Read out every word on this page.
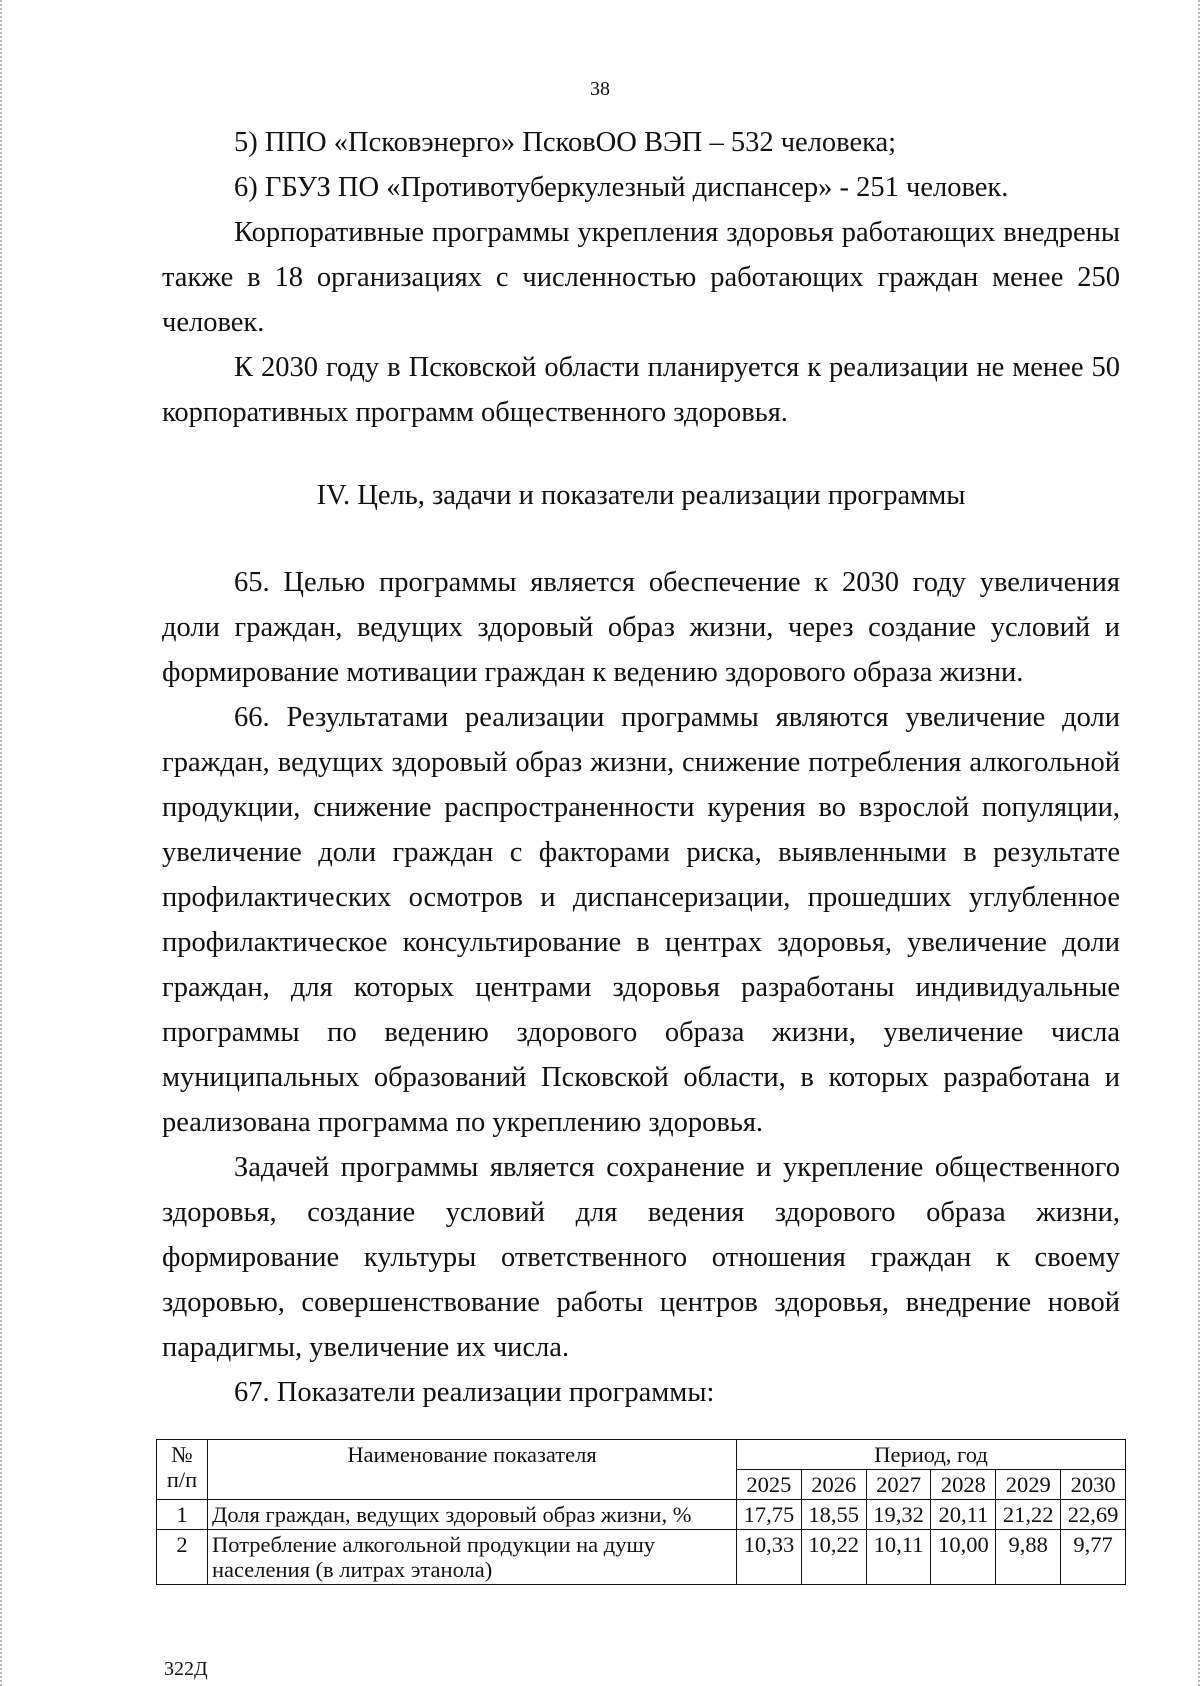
38

5) ППО «Псковэнерго» ПсковОО ВЭП – 532 человека;

6) ГБУЗ ПО «Противотуберкулезный диспансер» - 251 человек.

Корпоративные программы укрепления здоровья работающих внедрены также в 18 организациях с численностью работающих граждан менее 250 человек.

К 2030 году в Псковской области планируется к реализации не менее 50 корпоративных программ общественного здоровья.

IV. Цель, задачи и показатели реализации программы

65. Целью программы является обеспечение к 2030 году увеличения доли граждан, ведущих здоровый образ жизни, через создание условий и формирование мотивации граждан к ведению здорового образа жизни.

66. Результатами реализации программы являются увеличение доли граждан, ведущих здоровый образ жизни, снижение потребления алкогольной продукции, снижение распространенности курения во взрослой популяции, увеличение доли граждан с факторами риска, выявленными в результате профилактических осмотров и диспансеризации, прошедших углубленное профилактическое консультирование в центрах здоровья, увеличение доли граждан, для которых центрами здоровья разработаны индивидуальные программы по ведению здорового образа жизни, увеличение числа муниципальных образований Псковской области, в которых разработана и реализована программа по укреплению здоровья.

Задачей программы является сохранение и укрепление общественного здоровья, создание условий для ведения здорового образа жизни, формирование культуры ответственного отношения граждан к своему здоровью, совершенствование работы центров здоровья, внедрение новой парадигмы, увеличение их числа.

67. Показатели реализации программы:

№ п/п	Наименование показателя	Период, год					
		2025	2026	2027	2028	2029	2030
1	Доля граждан, ведущих здоровый образ жизни, %	17,75	18,55	19,32	20,11	21,22	22,69
2	Потребление алкогольной продукции на душу населения (в литрах этанола)	10,33	10,22	10,11	10,00	9,88	9,77
322Д
